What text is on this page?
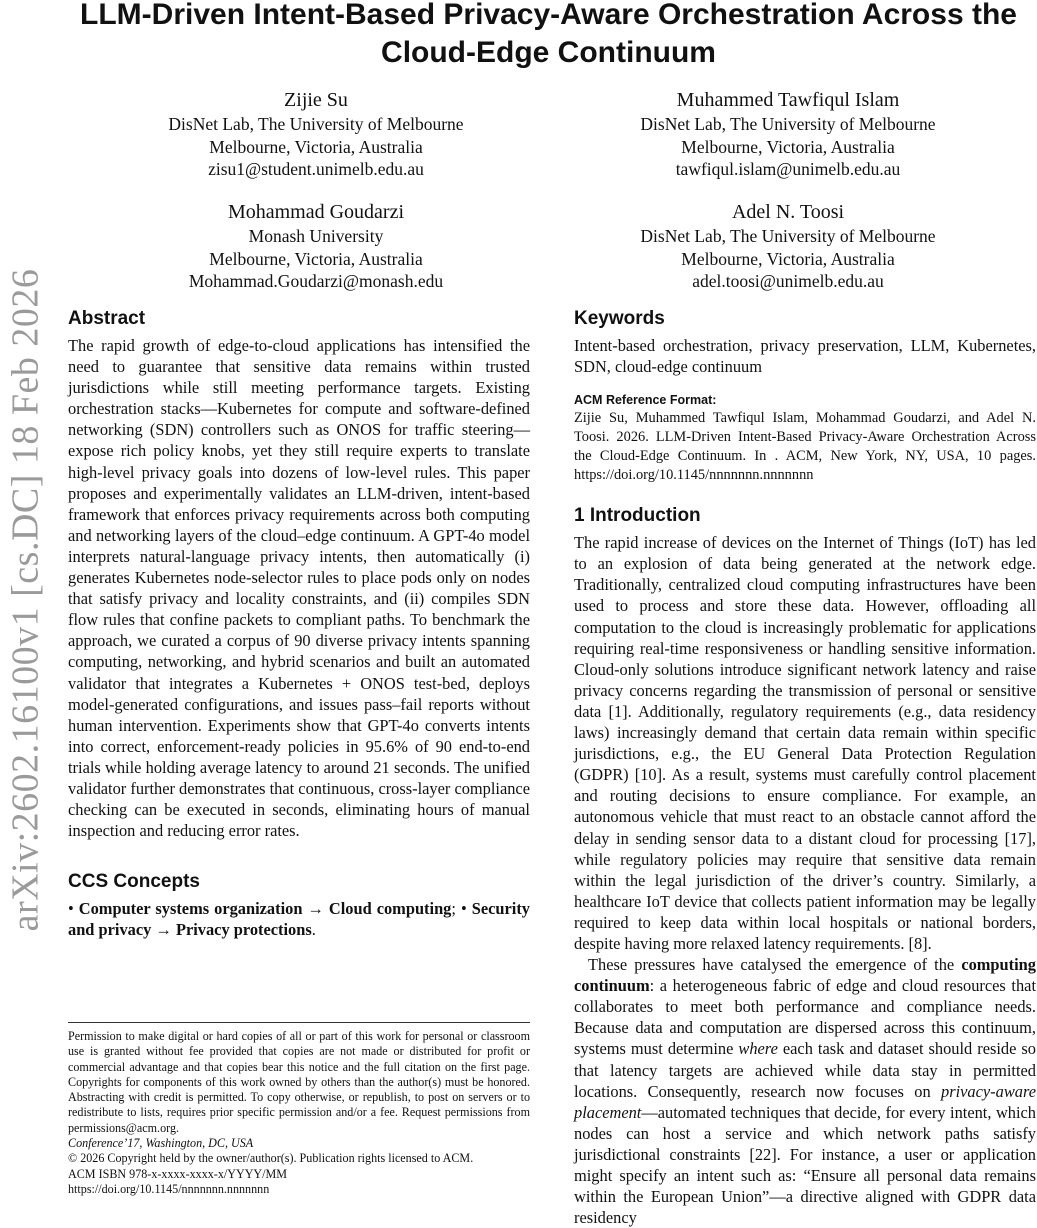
arXiv:2602.16100v1 [cs.DC] 18 Feb 2026
LLM-Driven Intent-Based Privacy-Aware Orchestration Across the Cloud-Edge Continuum
Zijie Su
DisNet Lab, The University of Melbourne
Melbourne, Victoria, Australia
zisu1@student.unimelb.edu.au
Muhammed Tawfiqul Islam
DisNet Lab, The University of Melbourne
Melbourne, Victoria, Australia
tawfiqul.islam@unimelb.edu.au
Mohammad Goudarzi
Monash University
Melbourne, Victoria, Australia
Mohammad.Goudarzi@monash.edu
Adel N. Toosi
DisNet Lab, The University of Melbourne
Melbourne, Victoria, Australia
adel.toosi@unimelb.edu.au
Abstract

The rapid growth of edge-to-cloud applications has intensified the need to guarantee that sensitive data remains within trusted jurisdictions while still meeting performance targets. Existing orchestration stacks—Kubernetes for compute and software-defined networking (SDN) controllers such as ONOS for traffic steering—expose rich policy knobs, yet they still require experts to translate high-level privacy goals into dozens of low-level rules. This paper proposes and experimentally validates an LLM-driven, intent-based framework that enforces privacy requirements across both computing and networking layers of the cloud–edge continuum. A GPT-4o model interprets natural-language privacy intents, then automatically (i) generates Kubernetes node-selector rules to place pods only on nodes that satisfy privacy and locality constraints, and (ii) compiles SDN flow rules that confine packets to compliant paths. To benchmark the approach, we curated a corpus of 90 diverse privacy intents spanning computing, networking, and hybrid scenarios and built an automated validator that integrates a Kubernetes + ONOS test-bed, deploys model-generated configurations, and issues pass–fail reports without human intervention. Experiments show that GPT-4o converts intents into correct, enforcement-ready policies in 95.6% of 90 end-to-end trials while holding average latency to around 21 seconds. The unified validator further demonstrates that continuous, cross-layer compliance checking can be executed in seconds, eliminating hours of manual inspection and reducing error rates.

CCS Concepts

• Computer systems organization → Cloud computing; • Security and privacy → Privacy protections.

Keywords

Intent-based orchestration, privacy preservation, LLM, Kubernetes, SDN, cloud-edge continuum

ACM Reference Format:

Zijie Su, Muhammed Tawfiqul Islam, Mohammad Goudarzi, and Adel N. Toosi. 2026. LLM-Driven Intent-Based Privacy-Aware Orchestration Across the Cloud-Edge Continuum. In . ACM, New York, NY, USA, 10 pages. https://doi.org/10.1145/nnnnnnn.nnnnnnn

1 Introduction

The rapid increase of devices on the Internet of Things (IoT) has led to an explosion of data being generated at the network edge. Traditionally, centralized cloud computing infrastructures have been used to process and store these data. However, offloading all computation to the cloud is increasingly problematic for applications requiring real-time responsiveness or handling sensitive information. Cloud-only solutions introduce significant network latency and raise privacy concerns regarding the transmission of personal or sensitive data [1]. Additionally, regulatory requirements (e.g., data residency laws) increasingly demand that certain data remain within specific jurisdictions, e.g., the EU General Data Protection Regulation (GDPR) [10]. As a result, systems must carefully control placement and routing decisions to ensure compliance. For example, an autonomous vehicle that must react to an obstacle cannot afford the delay in sending sensor data to a distant cloud for processing [17], while regulatory policies may require that sensitive data remain within the legal jurisdiction of the driver’s country. Similarly, a healthcare IoT device that collects patient information may be legally required to keep data within local hospitals or national borders, despite having more relaxed latency requirements. [8].

These pressures have catalysed the emergence of the computing continuum: a heterogeneous fabric of edge and cloud resources that collaborates to meet both performance and compliance needs. Because data and computation are dispersed across this continuum, systems must determine where each task and dataset should reside so that latency targets are achieved while data stay in permitted locations. Consequently, research now focuses on privacy-aware placement—automated techniques that decide, for every intent, which nodes can host a service and which network paths satisfy jurisdictional constraints [22]. For instance, a user or application might specify an intent such as: “Ensure all personal data remains within the European Union”—a directive aligned with GDPR data residency

Permission to make digital or hard copies of all or part of this work for personal or classroom use is granted without fee provided that copies are not made or distributed for profit or commercial advantage and that copies bear this notice and the full citation on the first page. Copyrights for components of this work owned by others than the author(s) must be honored. Abstracting with credit is permitted. To copy otherwise, or republish, to post on servers or to redistribute to lists, requires prior specific permission and/or a fee. Request permissions from permissions@acm.org.

Conference’17, Washington, DC, USA

© 2026 Copyright held by the owner/author(s). Publication rights licensed to ACM.

ACM ISBN 978-x-xxxx-xxxx-x/YYYY/MM

https://doi.org/10.1145/nnnnnnn.nnnnnnn
